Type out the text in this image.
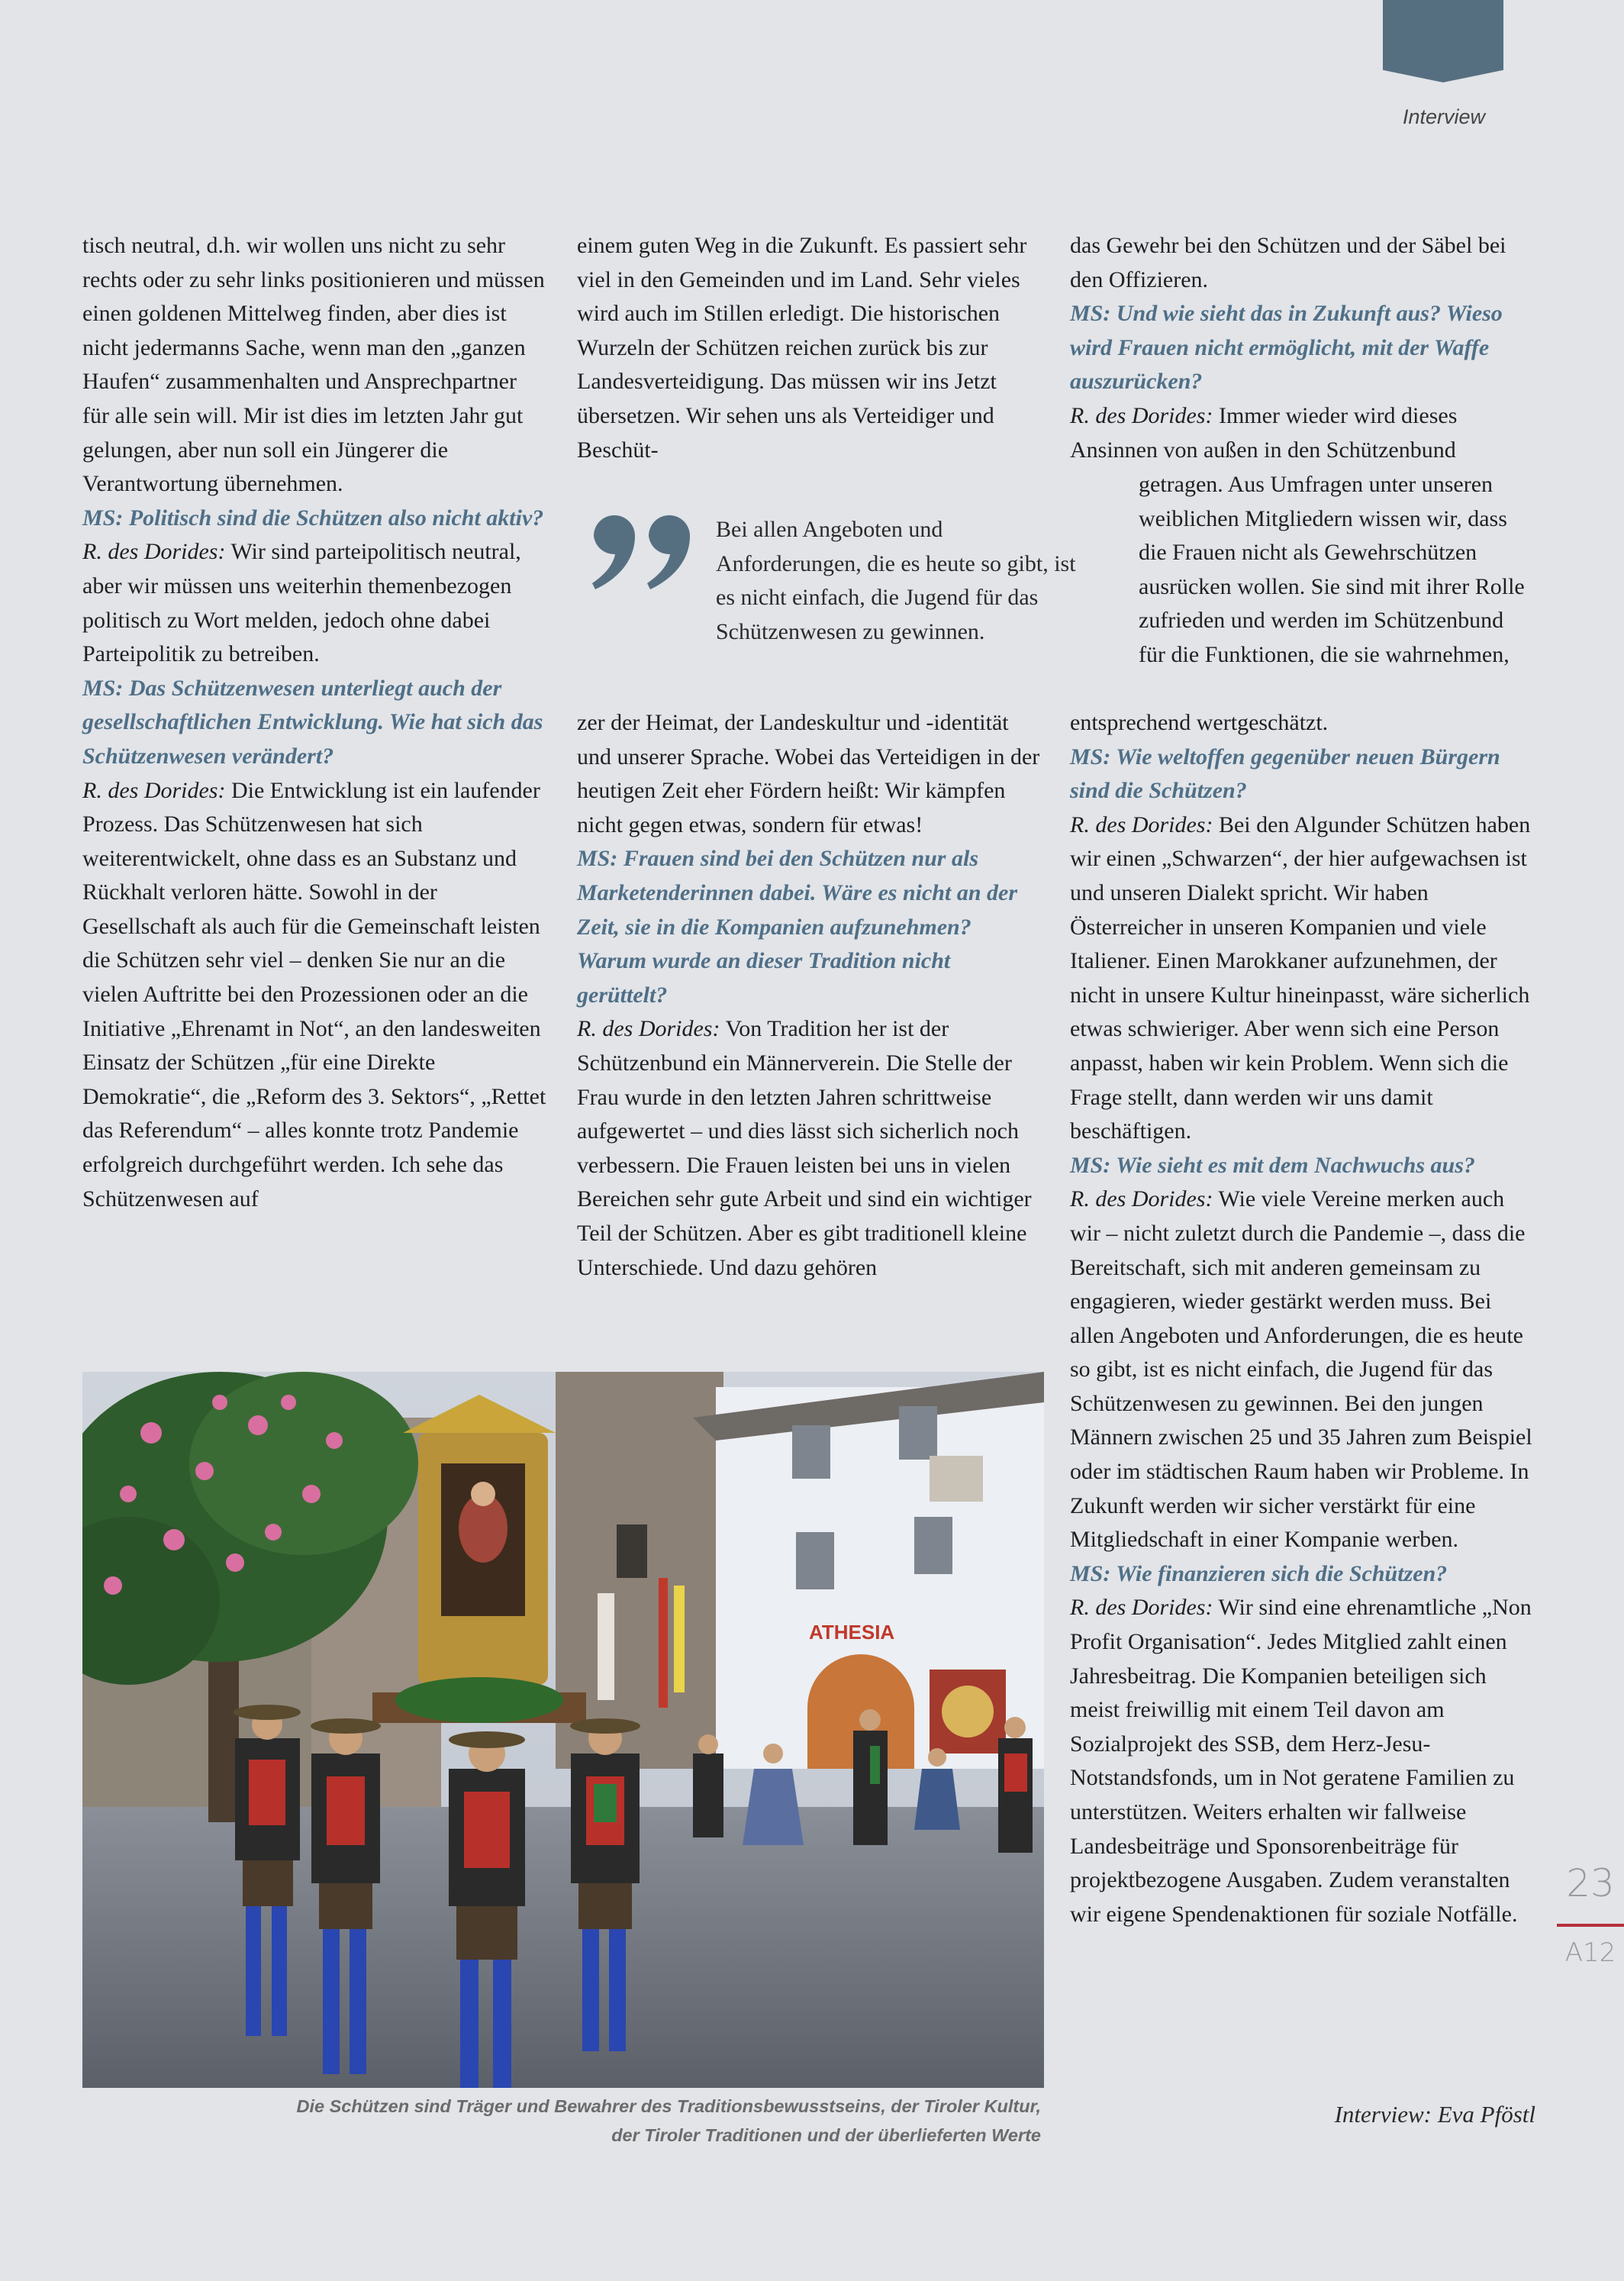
Interview

tisch neutral, d.h. wir wollen uns nicht zu sehr rechts oder zu sehr links positionieren und müssen einen goldenen Mittelweg finden, aber dies ist nicht jedermanns Sache, wenn man den „ganzen Haufen“ zusammenhalten und Ansprechpartner für alle sein will. Mir ist dies im letzten Jahr gut gelungen, aber nun soll ein Jüngerer die Verantwortung übernehmen.

MS: Politisch sind die Schützen also nicht aktiv?

R. des Dorides: Wir sind parteipolitisch neutral, aber wir müssen uns weiterhin themenbezogen politisch zu Wort melden, jedoch ohne dabei Parteipolitik zu betreiben.

MS: Das Schützenwesen unterliegt auch der gesellschaftlichen Entwicklung. Wie hat sich das Schützenwesen verändert?

R. des Dorides: Die Entwicklung ist ein laufender Prozess. Das Schützenwesen hat sich weiterentwickelt, ohne dass es an Substanz und Rückhalt verloren hätte. Sowohl in der Gesellschaft als auch für die Gemeinschaft leisten die Schützen sehr viel – denken Sie nur an die vielen Auftritte bei den Prozessionen oder an die Initiative „Ehrenamt in Not“, an den landesweiten Einsatz der Schützen „für eine Direkte Demokratie“, die „Reform des 3. Sektors“, „Rettet das Referendum“ – alles konnte trotz Pandemie erfolgreich durchgeführt werden. Ich sehe das Schützenwesen auf

einem guten Weg in die Zukunft. Es passiert sehr viel in den Gemeinden und im Land. Sehr vieles wird auch im Stillen erledigt. Die historischen Wurzeln der Schützen reichen zurück bis zur Landesverteidigung. Das müssen wir ins Jetzt übersetzen. Wir sehen uns als Verteidiger und Beschüt-

Bei allen Angeboten und Anforderungen, die es heute so gibt, ist es nicht einfach, die Jugend für das Schützenwesen zu gewinnen.

zer der Heimat, der Landeskultur und -identität und unserer Sprache. Wobei das Verteidigen in der heutigen Zeit eher Fördern heißt: Wir kämpfen nicht gegen etwas, sondern für etwas!

MS: Frauen sind bei den Schützen nur als Marketenderinnen dabei. Wäre es nicht an der Zeit, sie in die Kompanien aufzunehmen? Warum wurde an dieser Tradition nicht gerüttelt?

R. des Dorides: Von Tradition her ist der Schützenbund ein Männerverein. Die Stelle der Frau wurde in den letzten Jahren schrittweise aufgewertet – und dies lässt sich sicherlich noch verbessern. Die Frauen leisten bei uns in vielen Bereichen sehr gute Arbeit und sind ein wichtiger Teil der Schützen. Aber es gibt traditionell kleine Unterschiede. Und dazu gehören

das Gewehr bei den Schützen und der Säbel bei den Offizieren.

MS: Und wie sieht das in Zukunft aus? Wieso wird Frauen nicht ermöglicht, mit der Waffe auszurücken?

R. des Dorides: Immer wieder wird dieses Ansinnen von außen in den Schützenbund

getragen. Aus Umfragen unter unseren weiblichen Mitgliedern wissen wir, dass die Frauen nicht als Gewehrschützen ausrücken wollen. Sie sind mit ihrer Rolle zufrieden und werden im Schützenbund für die Funktionen, die sie wahrnehmen,

entsprechend wertgeschätzt.

MS: Wie weltoffen gegenüber neuen Bürgern sind die Schützen?

R. des Dorides: Bei den Algunder Schützen haben wir einen „Schwarzen“, der hier aufgewachsen ist und unseren Dialekt spricht. Wir haben Österreicher in unseren Kompanien und viele Italiener. Einen Marokkaner aufzunehmen, der nicht in unsere Kultur hineinpasst, wäre sicherlich etwas schwieriger. Aber wenn sich eine Person anpasst, haben wir kein Problem. Wenn sich die Frage stellt, dann werden wir uns damit beschäftigen.

MS: Wie sieht es mit dem Nachwuchs aus?

R. des Dorides: Wie viele Vereine merken auch wir – nicht zuletzt durch die Pandemie –, dass die Bereitschaft, sich mit anderen gemeinsam zu engagieren, wieder gestärkt werden muss. Bei allen Angeboten und Anforderungen, die es heute so gibt, ist es nicht einfach, die Jugend für das Schützenwesen zu gewinnen. Bei den jungen Männern zwischen 25 und 35 Jahren zum Beispiel oder im städtischen Raum haben wir Probleme. In Zukunft werden wir sicher verstärkt für eine Mitgliedschaft in einer Kompanie werben.

MS: Wie finanzieren sich die Schützen?

R. des Dorides: Wir sind eine ehrenamtliche „Non Profit Organisation“. Jedes Mitglied zahlt einen Jahresbeitrag. Die Kompanien beteiligen sich meist freiwillig mit einem Teil davon am Sozialprojekt des SSB, dem Herz-Jesu-Notstandsfonds, um in Not geratene Familien zu unterstützen. Weiters erhalten wir fallweise Landesbeiträge und Sponsorenbeiträge für projektbezogene Ausgaben. Zudem veranstalten wir eigene Spendenaktionen für soziale Notfälle.

ATHESIA
Die Schützen sind Träger und Bewahrer des Traditionsbewusstseins, der Tiroler Kultur,
der Tiroler Traditionen und der überlieferten Werte
Interview: Eva Pföstl
23
A12
